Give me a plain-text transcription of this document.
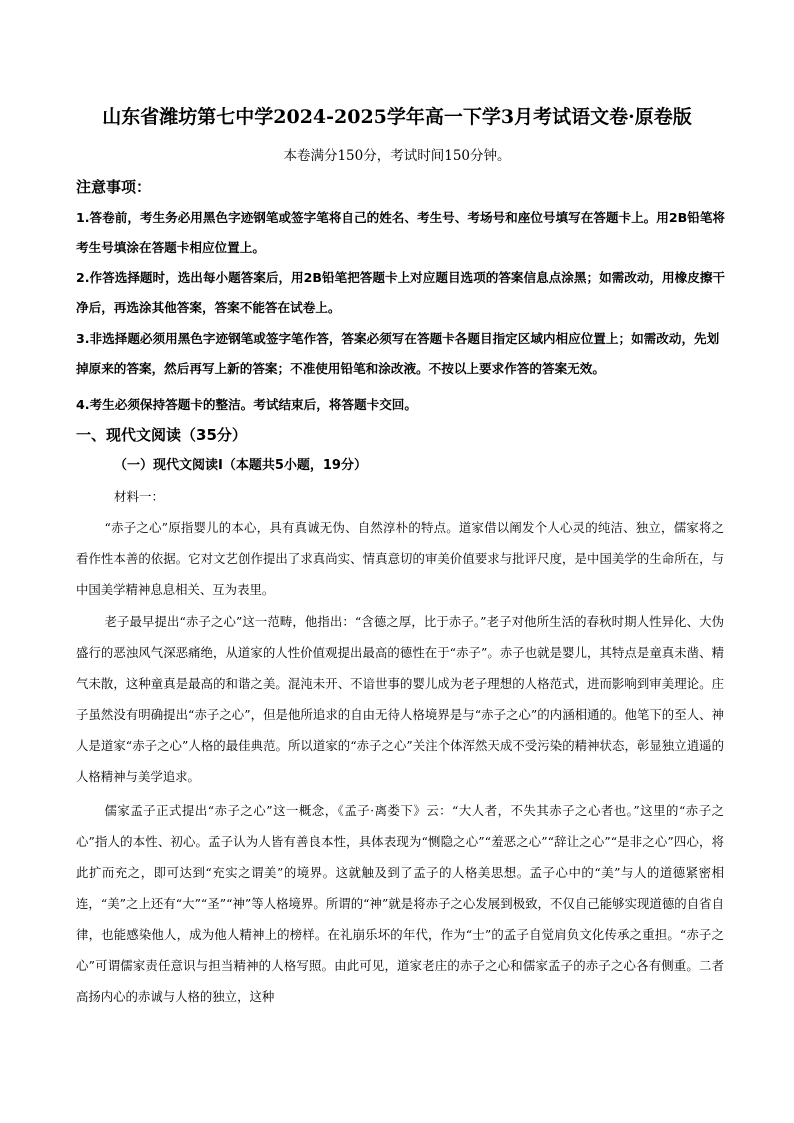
山东省潍坊第七中学2024-2025学年高一下学3月考试语文卷·原卷版
本卷满分150分，考试时间150分钟。
注意事项：
1.答卷前，考生务必用黑色字迹钢笔或签字笔将自己的姓名、考生号、考场号和座位号填写在答题卡上。用2B铅笔将考生号填涂在答题卡相应位置上。
2.作答选择题时，选出每小题答案后，用2B铅笔把答题卡上对应题目选项的答案信息点涂黑；如需改动，用橡皮擦干净后，再选涂其他答案，答案不能答在试卷上。
3.非选择题必须用黑色字迹钢笔或签字笔作答，答案必须写在答题卡各题目指定区域内相应位置上；如需改动，先划掉原来的答案，然后再写上新的答案；不准使用铅笔和涂改液。不按以上要求作答的答案无效。
4.考生必须保持答题卡的整洁。考试结束后，将答题卡交回。
一、现代文阅读（35分）
（一）现代文阅读Ⅰ（本题共5小题，19分）
材料一：

“赤子之心”原指婴儿的本心，具有真诚无伪、自然淳朴的特点。道家借以阐发个人心灵的纯洁、独立，儒家将之看作性本善的依据。它对文艺创作提出了求真尚实、情真意切的审美价值要求与批评尺度，是中国美学的生命所在，与中国美学精神息息相关、互为表里。

老子最早提出“赤子之心”这一范畴，他指出：“含德之厚，比于赤子。”老子对他所生活的春秋时期人性异化、大伪盛行的恶浊风气深恶痛绝，从道家的人性价值观提出最高的德性在于“赤子”。赤子也就是婴儿，其特点是童真未凿、精气未散，这种童真是最高的和谐之美。混沌未开、不谙世事的婴儿成为老子理想的人格范式，进而影响到审美理论。庄子虽然没有明确提出“赤子之心”，但是他所追求的自由无待人格境界是与“赤子之心”的内涵相通的。他笔下的至人、神人是道家“赤子之心”人格的最佳典范。所以道家的“赤子之心”关注个体浑然天成不受污染的精神状态，彰显独立逍遥的人格精神与美学追求。

儒家孟子正式提出“赤子之心”这一概念，《孟子·离娄下》云：“大人者，不失其赤子之心者也。”这里的“赤子之心”指人的本性、初心。孟子认为人皆有善良本性，具体表现为“恻隐之心”“羞恶之心”“辞让之心”“是非之心”四心，将此扩而充之，即可达到“充实之谓美”的境界。这就触及到了孟子的人格美思想。孟子心中的“美”与人的道德紧密相连，“美”之上还有“大”“圣”“神”等人格境界。所谓的“神”就是将赤子之心发展到极致，不仅自己能够实现道德的自省自律，也能感染他人，成为他人精神上的榜样。在礼崩乐坏的年代，作为“士”的孟子自觉肩负文化传承之重担。“赤子之心”可谓儒家责任意识与担当精神的人格写照。由此可见，道家老庄的赤子之心和儒家孟子的赤子之心各有侧重。二者高扬内心的赤诚与人格的独立，这种
